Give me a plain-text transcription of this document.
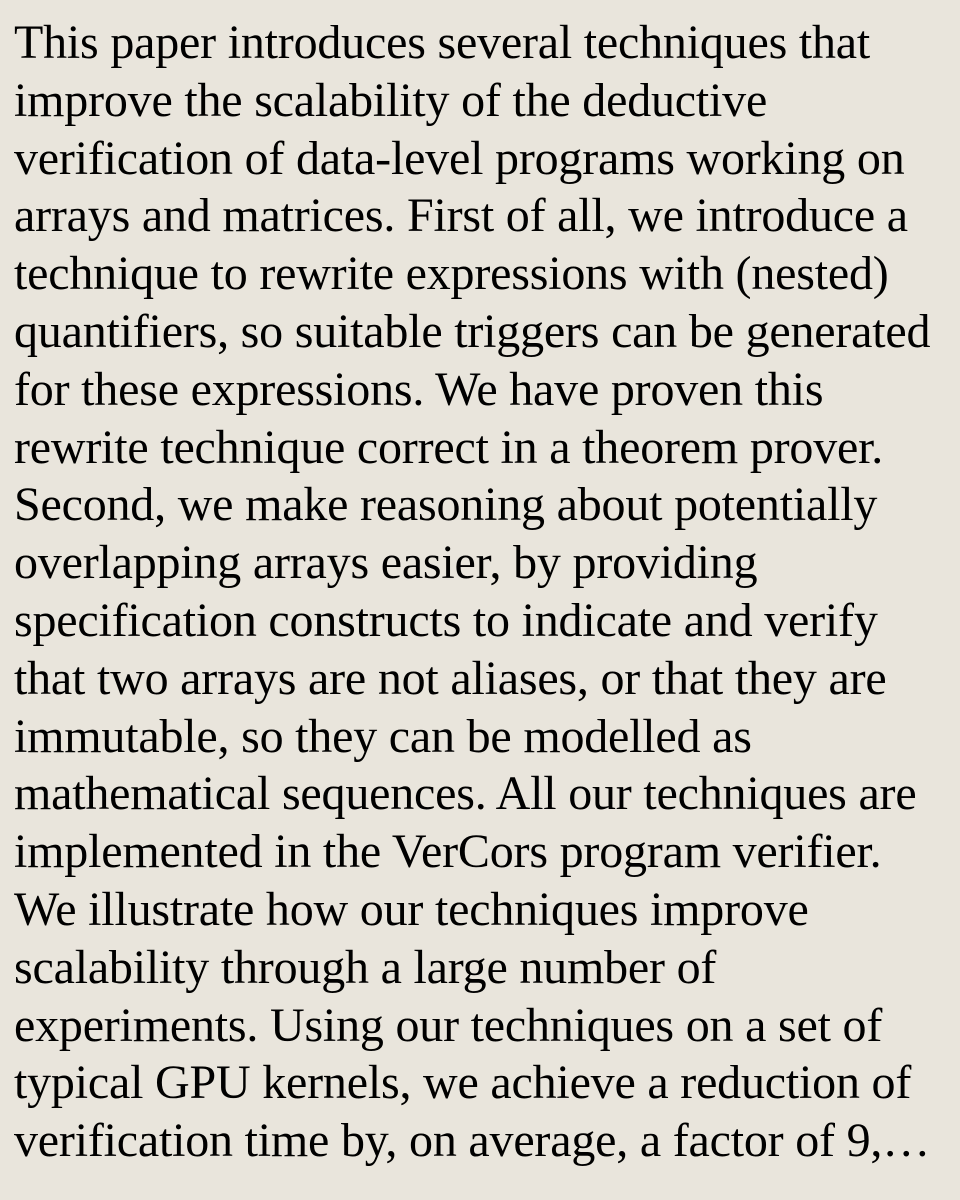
This paper introduces several techniques that
improve the scalability of the deductive
verification of data-level programs working on
arrays and matrices. First of all, we introduce a
technique to rewrite expressions with (nested)
quantifiers, so suitable triggers can be generated
for these expressions. We have proven this
rewrite technique correct in a theorem prover.
Second, we make reasoning about potentially
overlapping arrays easier, by providing
specification constructs to indicate and verify
that two arrays are not aliases, or that they are
immutable, so they can be modelled as
mathematical sequences. All our techniques are
implemented in the VerCors program verifier.
We illustrate how our techniques improve
scalability through a large number of
experiments. Using our techniques on a set of
typical GPU kernels, we achieve a reduction of
verification time by, on average, a factor of 9,…
